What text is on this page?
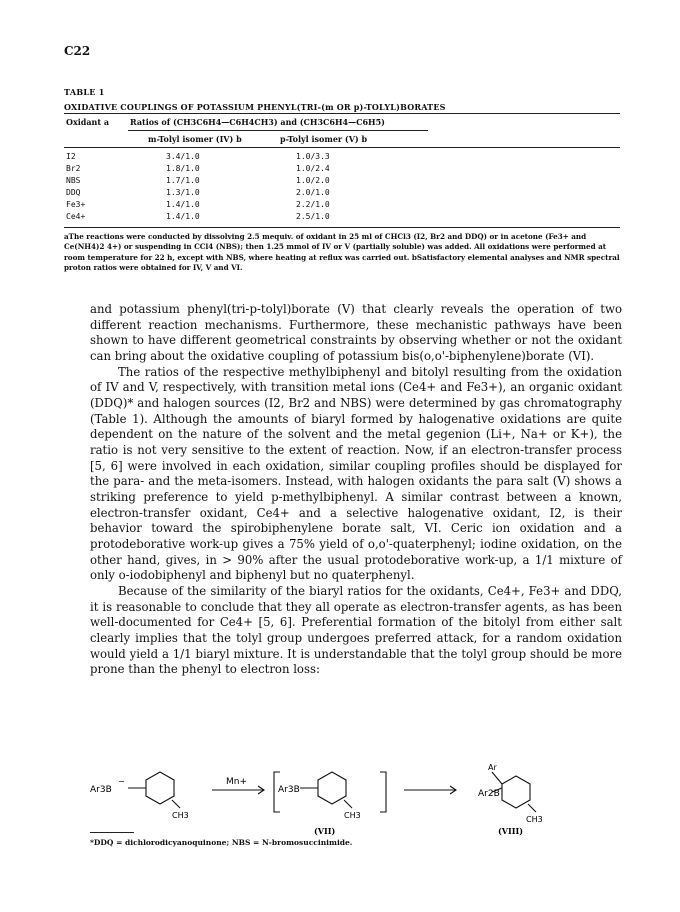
C22
TABLE 1
OXIDATIVE COUPLINGS OF POTASSIUM PHENYL(TRI-(m OR p)-TOLYL)BORATES
Oxidant a	Ratios of (CH3C6H4—C6H4CH3) and (CH3C6H4—C6H5)
m-Tolyl isomer (IV) b	p-Tolyl isomer (V) b
I2	3.4/1.0	1.0/3.3
Br2	1.8/1.0	1.0/2.4
NBS	1.7/1.0	1.0/2.0
DDQ	1.3/1.0	2.0/1.0
Fe3+	1.4/1.0	2.2/1.0
Ce4+	1.4/1.0	2.5/1.0

aThe reactions were conducted by dissolving 2.5 mequiv. of oxidant in 25 ml of CHCl3 (I2, Br2 and DDQ) or in acetone (Fe3+ and Ce(NH4)2 4+) or suspending in CCl4 (NBS); then 1.25 mmol of IV or V (partially soluble) was added. All oxidations were performed at room temperature for 22 h, except with NBS, where heating at reflux was carried out. bSatisfactory elemental analyses and NMR spectral proton ratios were obtained for IV, V and VI.

and potassium phenyl(tri-p-tolyl)borate (V) that clearly reveals the operation of two different reaction mechanisms. Furthermore, these mechanistic pathways have been shown to have different geometrical constraints by observing whether or not the oxidant can bring about the oxidative coupling of potassium bis(o,o'-biphenylene)borate (VI).

The ratios of the respective methylbiphenyl and bitolyl resulting from the oxidation of IV and V, respectively, with transition metal ions (Ce4+ and Fe3+), an organic oxidant (DDQ)* and halogen sources (I2, Br2 and NBS) were determined by gas chromatography (Table 1). Although the amounts of biaryl formed by halogenative oxidations are quite dependent on the nature of the solvent and the metal gegenion (Li+, Na+ or K+), the ratio is not very sensitive to the extent of reaction. Now, if an electron-transfer process [5, 6] were involved in each oxidation, similar coupling profiles should be displayed for the para- and the meta-isomers. Instead, with halogen oxidants the para salt (V) shows a striking preference to yield p-methylbiphenyl. A similar contrast between a known, electron-transfer oxidant, Ce4+ and a selective halogenative oxidant, I2, is their behavior toward the spirobiphenylene borate salt, VI. Ceric ion oxidation and a protodeborative work-up gives a 75% yield of o,o'-quaterphenyl; iodine oxidation, on the other hand, gives, in > 90% after the usual protodeborative work-up, a 1/1 mixture of only o-iodobiphenyl and biphenyl but no quaterphenyl.

Because of the similarity of the biaryl ratios for the oxidants, Ce4+, Fe3+ and DDQ, it is reasonable to conclude that they all operate as electron-transfer agents, as has been well-documented for Ce4+ [5, 6]. Preferential formation of the bitolyl from either salt clearly implies that the tolyl group undergoes preferred attack, for a random oxidation would yield a 1/1 biaryl mixture. It is understandable that the tolyl group should be more prone than the phenyl to electron loss:

Ar3B
−
CH3
Mn+
Ar3B
CH3
(VII)
Ar2B
Ar
CH3
(VIII)
*DDQ = dichlorodicyanoquinone; NBS = N-bromosuccinimide.
